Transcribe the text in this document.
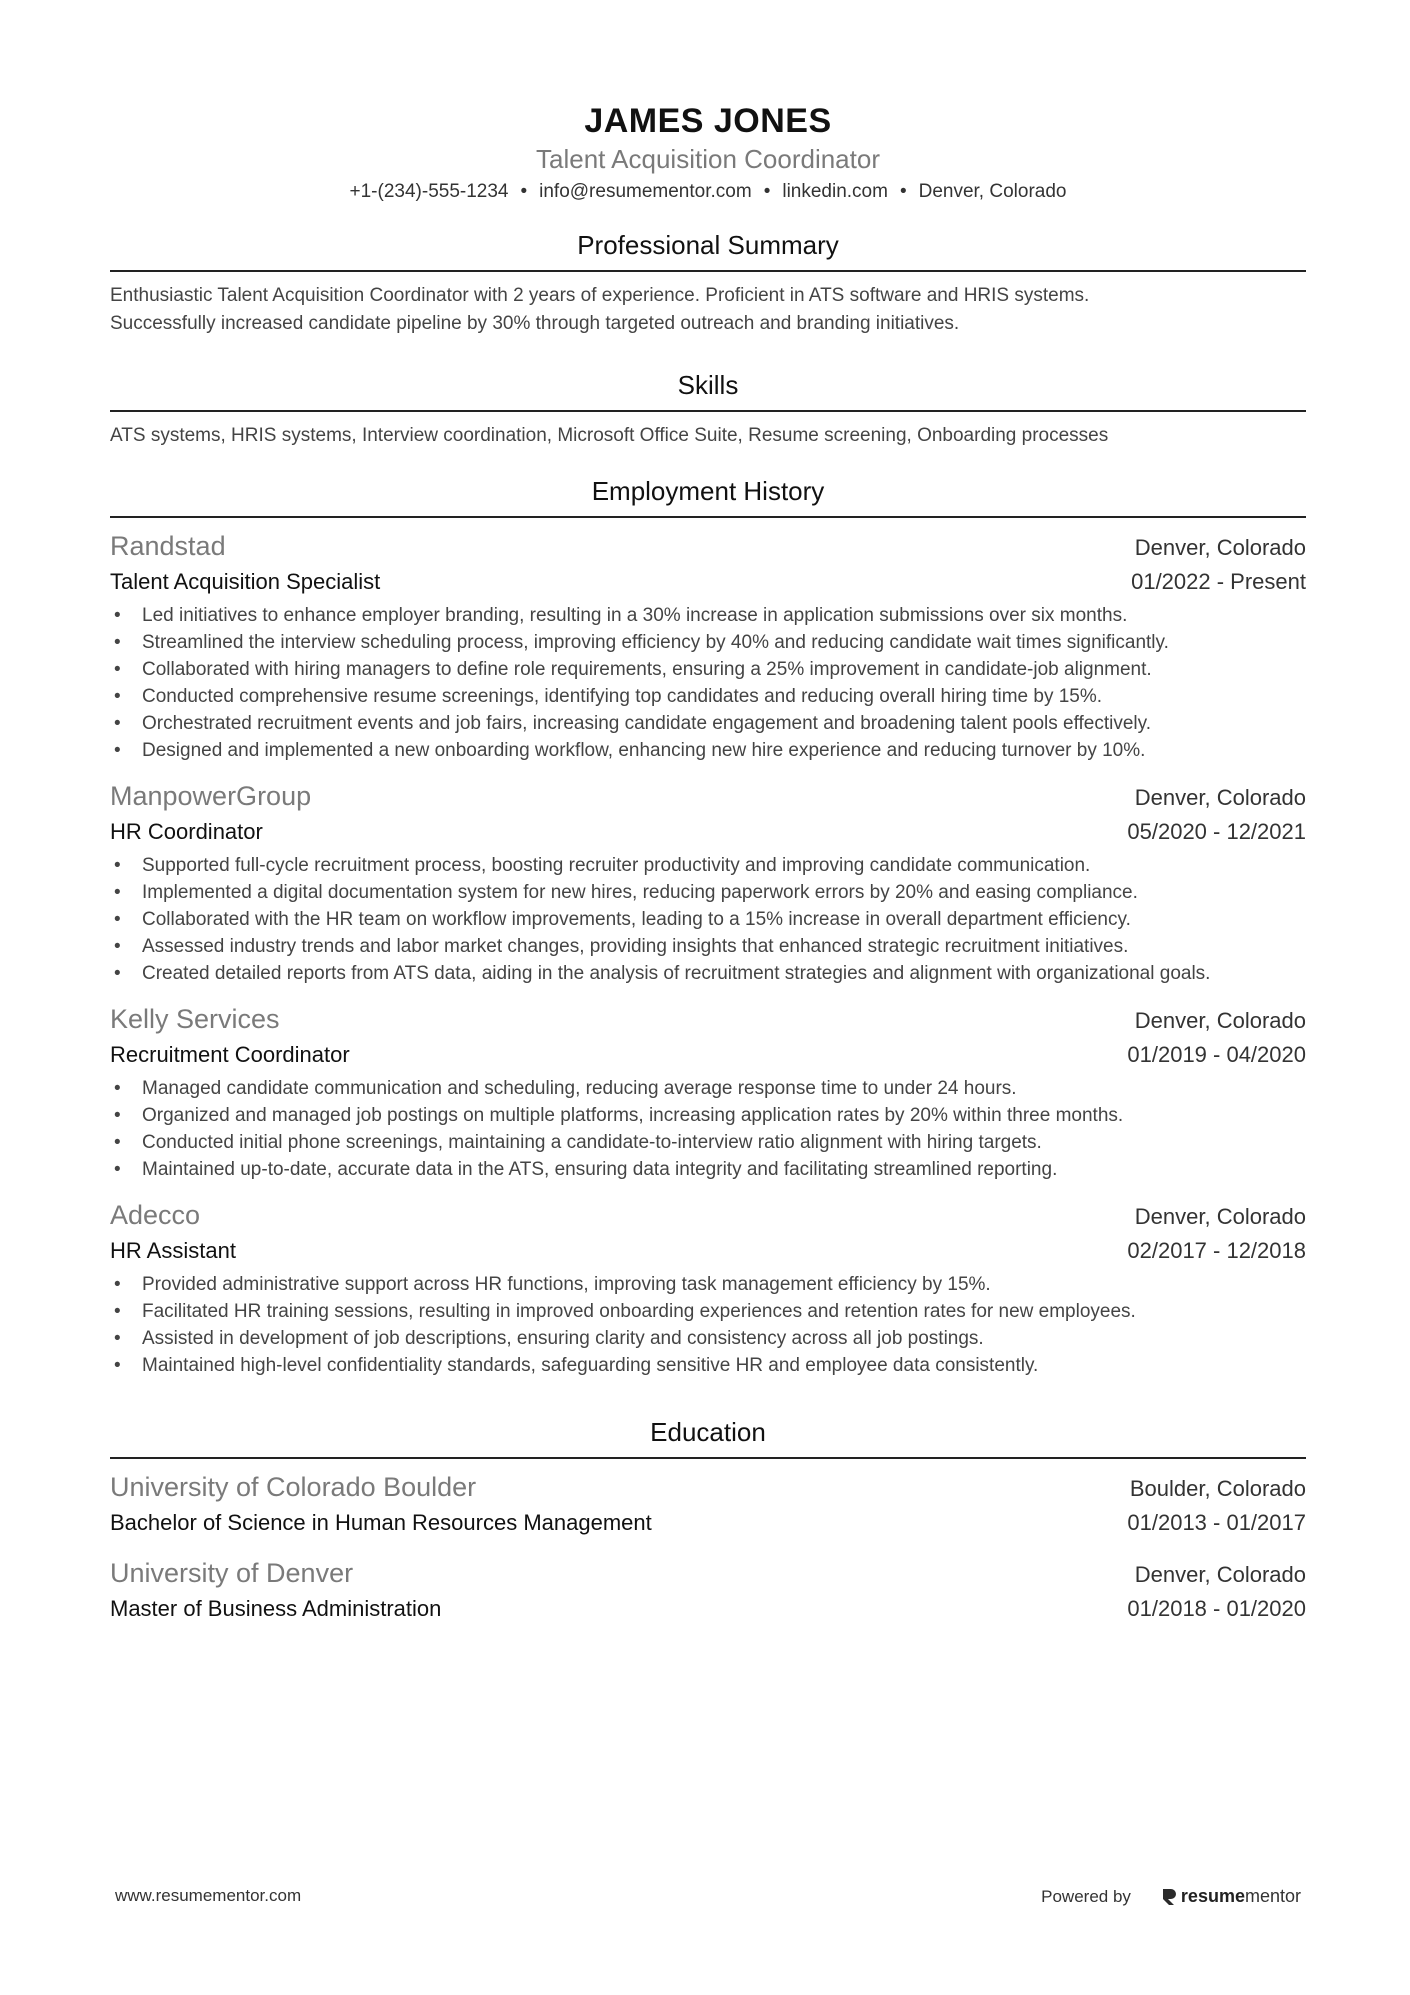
JAMES JONES
Talent Acquisition Coordinator
+1-(234)-555-1234 • info@resumementor.com • linkedin.com • Denver, Colorado
Professional Summary
Enthusiastic Talent Acquisition Coordinator with 2 years of experience. Proficient in ATS software and HRIS systems.
Successfully increased candidate pipeline by 30% through targeted outreach and branding initiatives.
Skills
ATS systems, HRIS systems, Interview coordination, Microsoft Office Suite, Resume screening, Onboarding processes
Employment History
Randstad	Denver, Colorado
Talent Acquisition Specialist	01/2022 - Present
• Led initiatives to enhance employer branding, resulting in a 30% increase in application submissions over six months.
• Streamlined the interview scheduling process, improving efficiency by 40% and reducing candidate wait times significantly.
• Collaborated with hiring managers to define role requirements, ensuring a 25% improvement in candidate-job alignment.
• Conducted comprehensive resume screenings, identifying top candidates and reducing overall hiring time by 15%.
• Orchestrated recruitment events and job fairs, increasing candidate engagement and broadening talent pools effectively.
• Designed and implemented a new onboarding workflow, enhancing new hire experience and reducing turnover by 10%.
ManpowerGroup	Denver, Colorado
HR Coordinator	05/2020 - 12/2021
• Supported full-cycle recruitment process, boosting recruiter productivity and improving candidate communication.
• Implemented a digital documentation system for new hires, reducing paperwork errors by 20% and easing compliance.
• Collaborated with the HR team on workflow improvements, leading to a 15% increase in overall department efficiency.
• Assessed industry trends and labor market changes, providing insights that enhanced strategic recruitment initiatives.
• Created detailed reports from ATS data, aiding in the analysis of recruitment strategies and alignment with organizational goals.
Kelly Services	Denver, Colorado
Recruitment Coordinator	01/2019 - 04/2020
• Managed candidate communication and scheduling, reducing average response time to under 24 hours.
• Organized and managed job postings on multiple platforms, increasing application rates by 20% within three months.
• Conducted initial phone screenings, maintaining a candidate-to-interview ratio alignment with hiring targets.
• Maintained up-to-date, accurate data in the ATS, ensuring data integrity and facilitating streamlined reporting.
Adecco	Denver, Colorado
HR Assistant	02/2017 - 12/2018
• Provided administrative support across HR functions, improving task management efficiency by 15%.
• Facilitated HR training sessions, resulting in improved onboarding experiences and retention rates for new employees.
• Assisted in development of job descriptions, ensuring clarity and consistency across all job postings.
• Maintained high-level confidentiality standards, safeguarding sensitive HR and employee data consistently.
Education
University of Colorado Boulder	Boulder, Colorado
Bachelor of Science in Human Resources Management	01/2013 - 01/2017
University of Denver	Denver, Colorado
Master of Business Administration	01/2018 - 01/2020
www.resumementor.com	Powered by	resumementor
